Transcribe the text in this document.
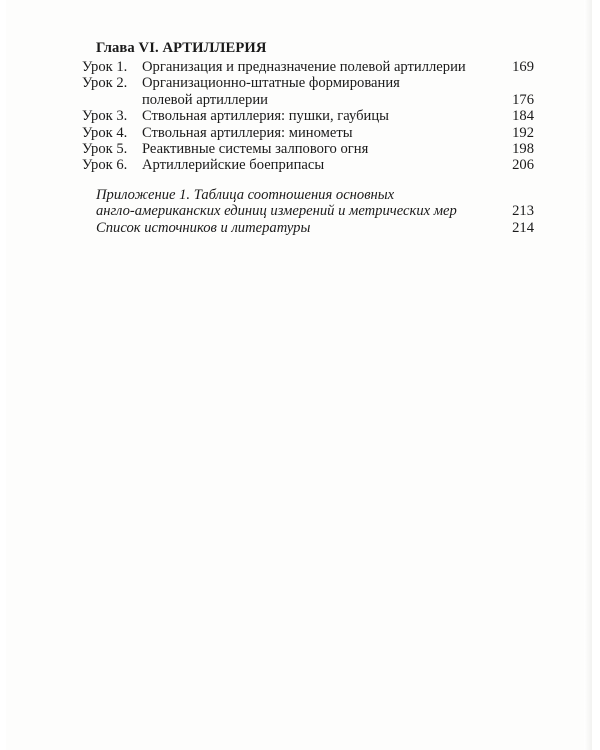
Глава VI. АРТИЛЛЕРИЯ
Урок 1.	Организация и предназначение полевой артиллерии	169
Урок 2.	Организационно-штатные формирования
полевой артиллерии	176
Урок 3.	Ствольная артиллерия: пушки, гаубицы	184
Урок 4.	Ствольная артиллерия: минометы	192
Урок 5.	Реактивные системы залпового огня	198
Урок 6.	Артиллерийские боеприпасы	206
Приложение 1. Таблица соотношения основных
англо-американских единиц измерений и метрических мер	213
Список источников и литературы	214
